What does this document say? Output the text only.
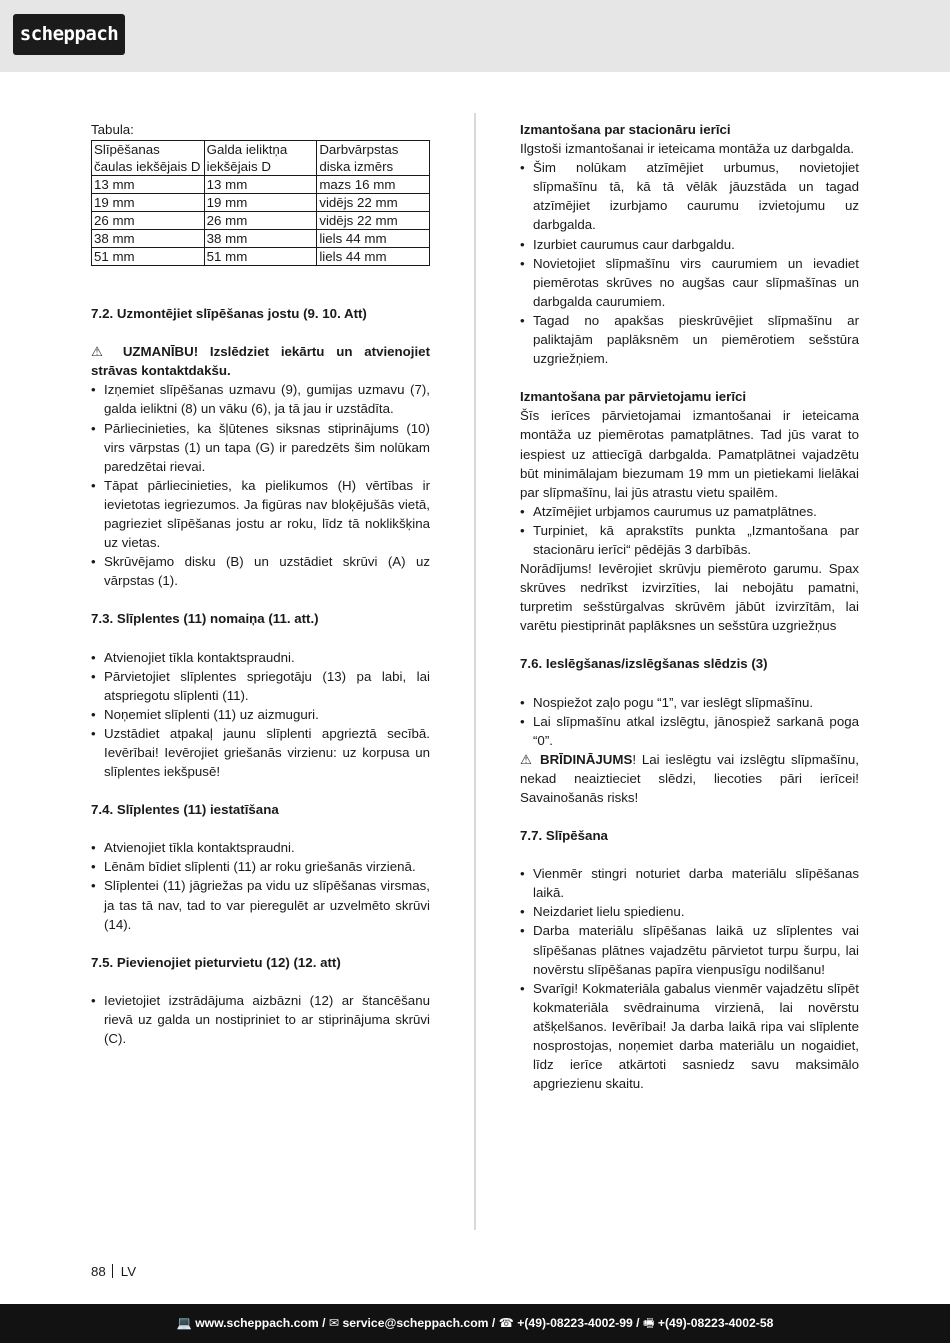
scheppach

Tabula:

Slīpēšanas čaulas iekšējais D	Galda ieliktņa iekšējais D	Darbvārpstas diska izmērs
13 mm	13 mm	mazs 16 mm
19 mm	19 mm	vidējs 22 mm
26 mm	26 mm	vidējs 22 mm
38 mm	38 mm	liels 44 mm
51 mm	51 mm	liels 44 mm

7.2. Uzmontējiet slīpēšanas jostu (9. 10. Att)

⚠ UZMANĪBU! Izslēdziet iekārtu un atvienojiet strāvas kontaktdakšu.

• Izņemiet slīpēšanas uzmavu (9), gumijas uzmavu (7), galda ieliktni (8) un vāku (6), ja tā jau ir uzstādīta.
• Pārliecinieties, ka šļūtenes siksnas stiprinājums (10) virs vārpstas (1) un tapa (G) ir paredzēts šim nolūkam paredzētai rievai.
• Tāpat pārliecinieties, ka pielikumos (H) vērtības ir ievietotas iegriezumos. Ja figūras nav bloķējušās vietā, pagrieziet slīpēšanas jostu ar roku, līdz tā noklikšķina uz vietas.
• Skrūvējamo disku (B) un uzstādiet skrūvi (A) uz vārpstas (1).

7.3. Slīplentes (11) nomaiņa (11. att.)

• Atvienojiet tīkla kontaktspraudni.
• Pārvietojiet slīplentes spriegotāju (13) pa labi, lai atspriegotu slīplenti (11).
• Noņemiet slīplenti (11) uz aizmuguri.
• Uzstādiet atpakaļ jaunu slīplenti apgrieztā secībā. Ievērībai! Ievērojiet griešanās virzienu: uz korpusa un slīplentes iekšpusē!

7.4. Slīplentes (11) iestatīšana

• Atvienojiet tīkla kontaktspraudni.
• Lēnām bīdiet slīplenti (11) ar roku griešanās virzienā.
• Slīplentei (11) jāgriežas pa vidu uz slīpēšanas virsmas, ja tas tā nav, tad to var pieregulēt ar uzvelmēto skrūvi (14).

7.5. Pievienojiet pieturvietu (12) (12. att)

• Ievietojiet izstrādājuma aizbāzni (12) ar štancēšanu rievā uz galda un nostipriniet to ar stiprinājuma skrūvi (C).

Izmantošana par stacionāru ierīci

Ilgstoši izmantošanai ir ieteicama montāža uz darbgalda.

• Šim nolūkam atzīmējiet urbumus, novietojiet slīpmašīnu tā, kā tā vēlāk jāuzstāda un tagad atzīmējiet izurbjamo caurumu izvietojumu uz darbgalda.
• Izurbiet caurumus caur darbgaldu.
• Novietojiet slīpmašīnu virs caurumiem un ievadiet piemērotas skrūves no augšas caur slīpmašīnas un darbgalda caurumiem.
• Tagad no apakšas pieskrūvējiet slīpmašīnu ar paliktajām paplāksnēm un piemērotiem sešstūra uzgriežņiem.

Izmantošana par pārvietojamu ierīci

Šīs ierīces pārvietojamai izmantošanai ir ieteicama montāža uz piemērotas pamatplātnes. Tad jūs varat to iespiest uz attiecīgā darbgalda. Pamatplātnei vajadzētu būt minimālajam biezumam 19 mm un pietiekami lielākai par slīpmašīnu, lai jūs atrastu vietu spailēm.

• Atzīmējiet urbjamos caurumus uz pamatplātnes.
• Turpiniet, kā aprakstīts punkta „Izmantošana par stacionāru ierīci“ pēdējās 3 darbībās.

Norādījums! Ievērojiet skrūvju piemēroto garumu. Spax skrūves nedrīkst izvirzīties, lai nebojātu pamatni, turpretim sešstūrgalvas skrūvēm jābūt izvirzītām, lai varētu piestiprināt paplāksnes un sešstūra uzgriežņus

7.6. Ieslēgšanas/izslēgšanas slēdzis (3)

• Nospiežot zaļo pogu “1”, var ieslēgt slīpmašīnu.
• Lai slīpmašīnu atkal izslēgtu, jānospiež sarkanā poga “0”.

⚠ BRĪDINĀJUMS! Lai ieslēgtu vai izslēgtu slīpmašīnu, nekad neaiztieciet slēdzi, liecoties pāri ierīcei! Savainošanās risks!

7.7. Slīpēšana

• Vienmēr stingri noturiet darba materiālu slīpēšanas laikā.
• Neizdariet lielu spiedienu.
• Darba materiālu slīpēšanas laikā uz slīplentes vai slīpēšanas plātnes vajadzētu pārvietot turpu šurpu, lai novērstu slīpēšanas papīra vienpusīgu nodilšanu!
• Svarīgi! Kokmateriāla gabalus vienmēr vajadzētu slīpēt kokmateriāla svēdrainuma virzienā, lai novērstu atšķelšanos. Ievērībai! Ja darba laikā ripa vai slīplente nosprostojas, noņemiet darba materiālu un nogaidiet, līdz ierīce atkārtoti sasniedz savu maksimālo apgriezienu skaitu.
88 LV
💻 www.scheppach.com / ✉ service@scheppach.com / ☎ +(49)-08223-4002-99 / 🖷 +(49)-08223-4002-58
